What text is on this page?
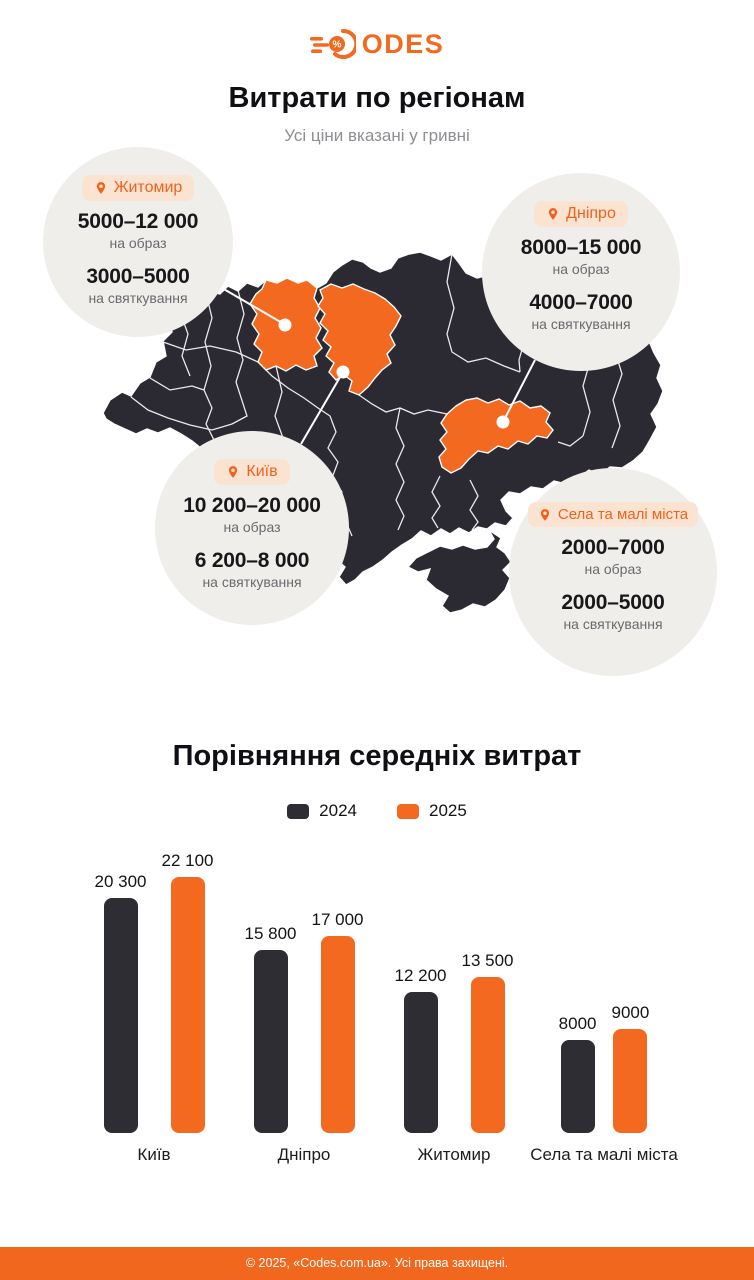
% ODES
Витрати по регіонам
Усі ціни вказані у гривні
Житомир
5000–12 000
на образ
3000–5000
на святкування
Дніпро
8000–15 000
на образ
4000–7000
на святкування
Київ
10 200–20 000
на образ
6 200–8 000
на святкування
Села та малі міста
2000–7000
на образ
2000–5000
на святкування
Порівняння середніх витрат
2024	2025
20 300
22 100
Київ
15 800
17 000
Дніпро
12 200
13 500
Житомир
8000
9000
Села та малі міста
© 2025, «Codes.com.ua». Усі права захищені.
